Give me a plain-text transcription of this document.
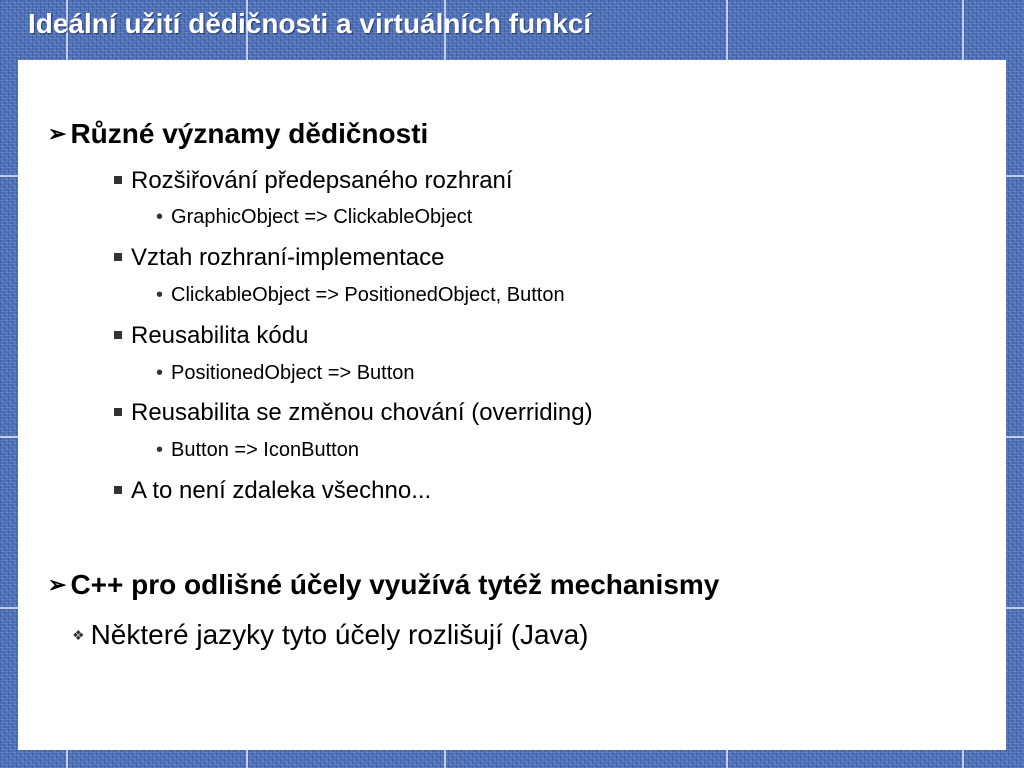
Ideální užití dědičnosti a virtuálních funkcí
➢ Různé významy dědičnosti
Rozšiřování předepsaného rozhraní
• GraphicObject => ClickableObject
Vztah rozhraní-implementace
• ClickableObject => PositionedObject, Button
Reusabilita kódu
• PositionedObject => Button
Reusabilita se změnou chování (overriding)
• Button => IconButton
A to není zdaleka všechno...
➢ C++ pro odlišné účely využívá tytéž mechanismy
❖ Některé jazyky tyto účely rozlišují (Java)
